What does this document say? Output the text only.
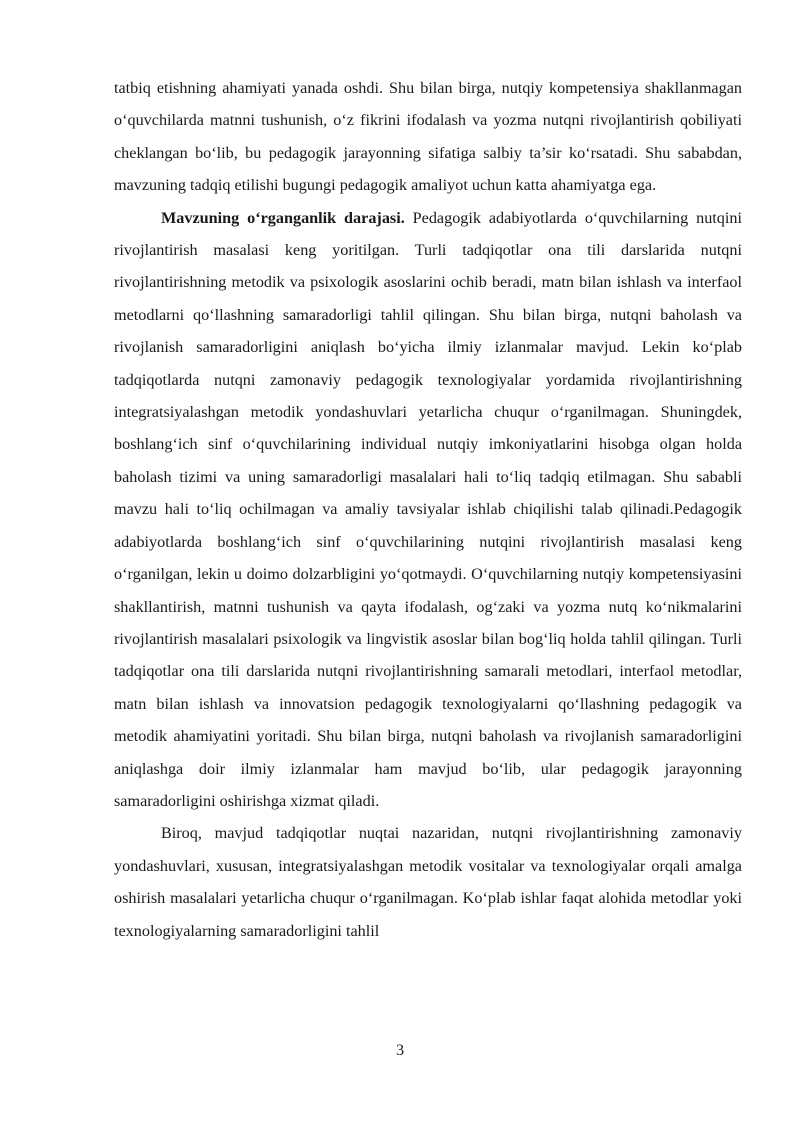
tatbiq etishning ahamiyati yanada oshdi. Shu bilan birga, nutqiy kompetensiya shakllanmagan o‘quvchilarda matnni tushunish, o‘z fikrini ifodalash va yozma nutqni rivojlantirish qobiliyati cheklangan bo‘lib, bu pedagogik jarayonning sifatiga salbiy ta’sir ko‘rsatadi. Shu sababdan, mavzuning tadqiq etilishi bugungi pedagogik amaliyot uchun katta ahamiyatga ega.

Mavzuning o‘rganganlik darajasi. Pedagogik adabiyotlarda o‘quvchilarning nutqini rivojlantirish masalasi keng yoritilgan. Turli tadqiqotlar ona tili darslarida nutqni rivojlantirishning metodik va psixologik asoslarini ochib beradi, matn bilan ishlash va interfaol metodlarni qo‘llashning samaradorligi tahlil qilingan. Shu bilan birga, nutqni baholash va rivojlanish samaradorligini aniqlash bo‘yicha ilmiy izlanmalar mavjud. Lekin ko‘plab tadqiqotlarda nutqni zamonaviy pedagogik texnologiyalar yordamida rivojlantirishning integratsiyalashgan metodik yondashuvlari yetarlicha chuqur o‘rganilmagan. Shuningdek, boshlang‘ich sinf o‘quvchilarining individual nutqiy imkoniyatlarini hisobga olgan holda baholash tizimi va uning samaradorligi masalalari hali to‘liq tadqiq etilmagan. Shu sababli mavzu hali to‘liq ochilmagan va amaliy tavsiyalar ishlab chiqilishi talab qilinadi.Pedagogik adabiyotlarda boshlang‘ich sinf o‘quvchilarining nutqini rivojlantirish masalasi keng o‘rganilgan, lekin u doimo dolzarbligini yo‘qotmaydi. O‘quvchilarning nutqiy kompetensiyasini shakllantirish, matnni tushunish va qayta ifodalash, og‘zaki va yozma nutq ko‘nikmalarini rivojlantirish masalalari psixologik va lingvistik asoslar bilan bog‘liq holda tahlil qilingan. Turli tadqiqotlar ona tili darslarida nutqni rivojlantirishning samarali metodlari, interfaol metodlar, matn bilan ishlash va innovatsion pedagogik texnologiyalarni qo‘llashning pedagogik va metodik ahamiyatini yoritadi. Shu bilan birga, nutqni baholash va rivojlanish samaradorligini aniqlashga doir ilmiy izlanmalar ham mavjud bo‘lib, ular pedagogik jarayonning samaradorligini oshirishga xizmat qiladi.

Biroq, mavjud tadqiqotlar nuqtai nazaridan, nutqni rivojlantirishning zamonaviy yondashuvlari, xususan, integratsiyalashgan metodik vositalar va texnologiyalar orqali amalga oshirish masalalari yetarlicha chuqur o‘rganilmagan. Ko‘plab ishlar faqat alohida metodlar yoki texnologiyalarning samaradorligini tahlil

3
